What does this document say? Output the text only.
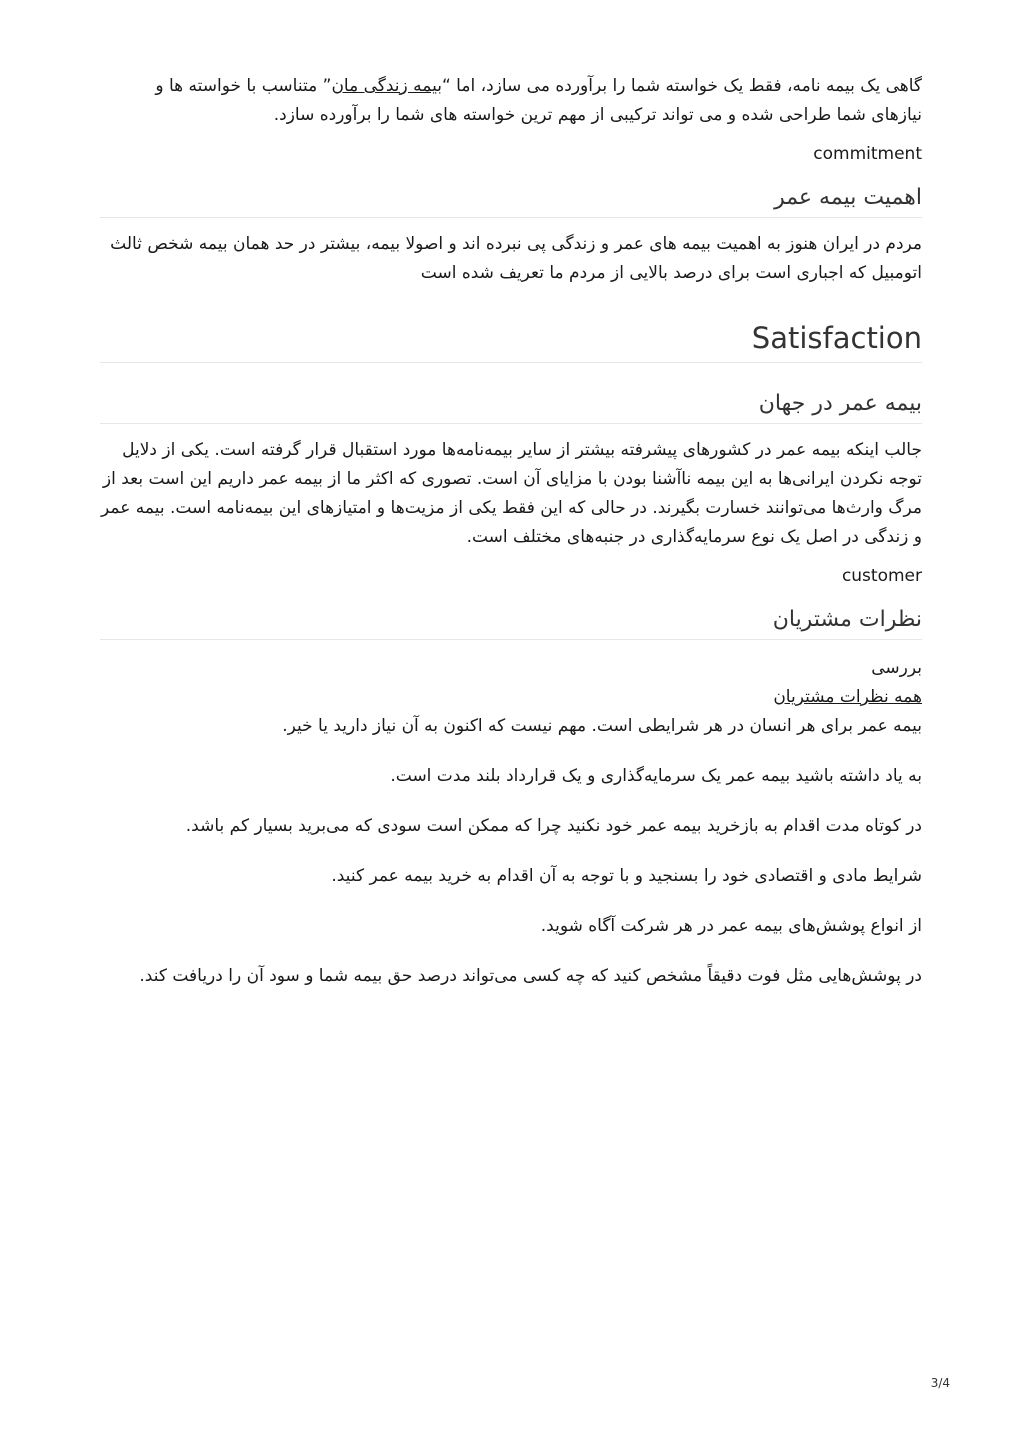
گاهی یک بیمه نامه، فقط یک خواسته شما را برآورده می سازد، اما “بیمه زندگی مان” متناسب با خواسته ها و نیازهای شما طراحی شده و می تواند ترکیبی از مهم ترین خواسته های شما را برآورده سازد.

commitment

اهمیت بیمه عمر

مردم در ایران هنوز به اهمیت بیمه های عمر و زندگی پی نبرده اند و اصولا بیمه، بیشتر در حد همان بیمه شخص ثالث اتومبیل که اجباری است برای درصد بالایی از مردم ما تعریف شده است

Satisfaction
بیمه عمر در جهان

جالب اینکه بیمه عمر در کشورهای پیشرفته بیشتر از سایر بیمه‌نامه‌ها مورد استقبال قرار گرفته است. یکی از دلایل توجه نکردن ایرانی‌ها به این بیمه ناآشنا بودن با مزایای آن است. تصوری که اکثر ما از بیمه عمر داریم این است بعد از مرگ وارث‌ها می‌توانند خسارت بگیرند. در حالی که این فقط یکی از مزیت‌ها و امتیازهای این بیمه‌نامه است. بیمه عمر و زندگی در اصل یک نوع سرمایه‌گذاری در جنبه‌های مختلف است.

customer

نظرات مشتریان

بررسی

همه نظرات مشتریان

بیمه عمر برای هر انسان در هر شرایطی است. مهم نیست که اکنون به آن نیاز دارید یا خیر.

به یاد داشته باشید بیمه عمر یک سرمایه‌گذاری و یک قرارداد بلند مدت است.

در کوتاه مدت اقدام به بازخرید بیمه عمر خود نکنید چرا که ممکن است سودی که می‌برید بسیار کم باشد.

شرایط مادی و اقتصادی خود را بسنجید و با توجه به آن اقدام به خرید بیمه عمر کنید.

از انواع پوشش‌های بیمه عمر در هر شرکت آگاه شوید.

در پوشش‌هایی مثل فوت دقیقاً مشخص کنید که چه کسی می‌تواند درصد حق بیمه شما و سود آن را دریافت کند.

3/4
